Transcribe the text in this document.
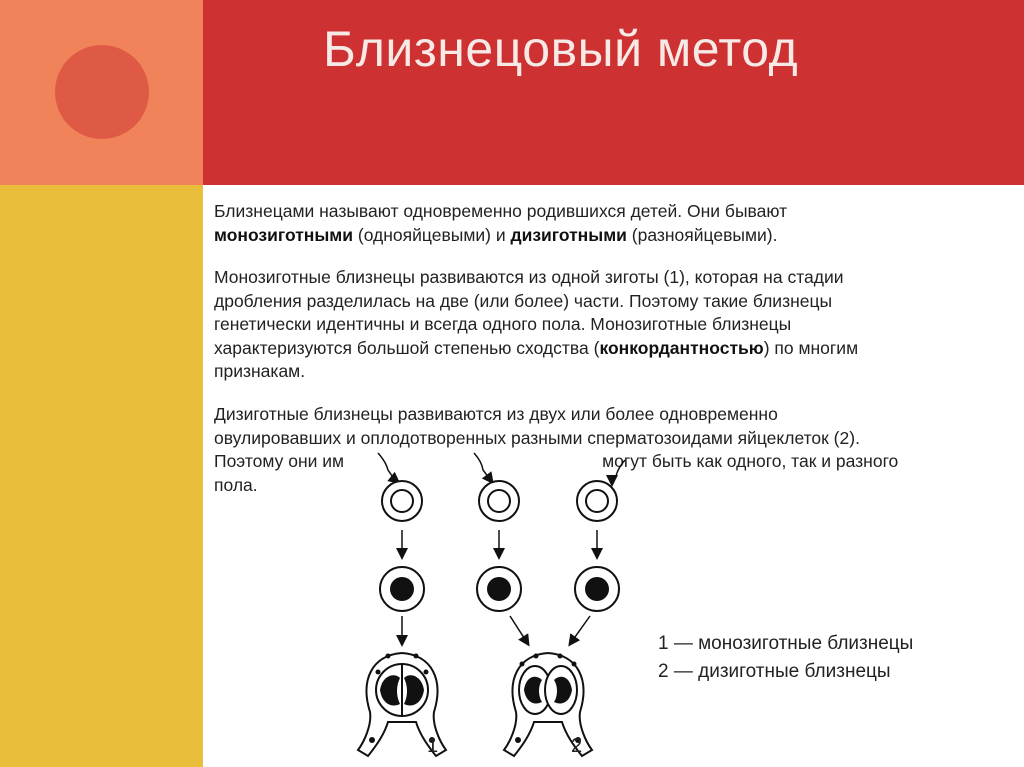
Близнецовый метод
Близнецами называют одновременно родившихся детей. Они бывают
монозиготными (однояйцевыми) и дизиготными (разнояйцевыми).
Монозиготные близнецы развиваются из одной зиготы (1), которая на стадии
дробления разделилась на две (или более) части. Поэтому такие близнецы
генетически идентичны и всегда одного пола. Монозиготные близнецы
характеризуются большой степенью сходства (конкордантностью) по многим
признакам.
Дизиготные близнецы развиваются из двух или более одновременно
овулировавших и оплодотворенных разными сперматозоидами яйцеклеток (2).
Поэтому они им	могут быть как одного, так и разного
пола.
1	2
1 — монозиготные близнецы
2 — дизиготные близнецы
